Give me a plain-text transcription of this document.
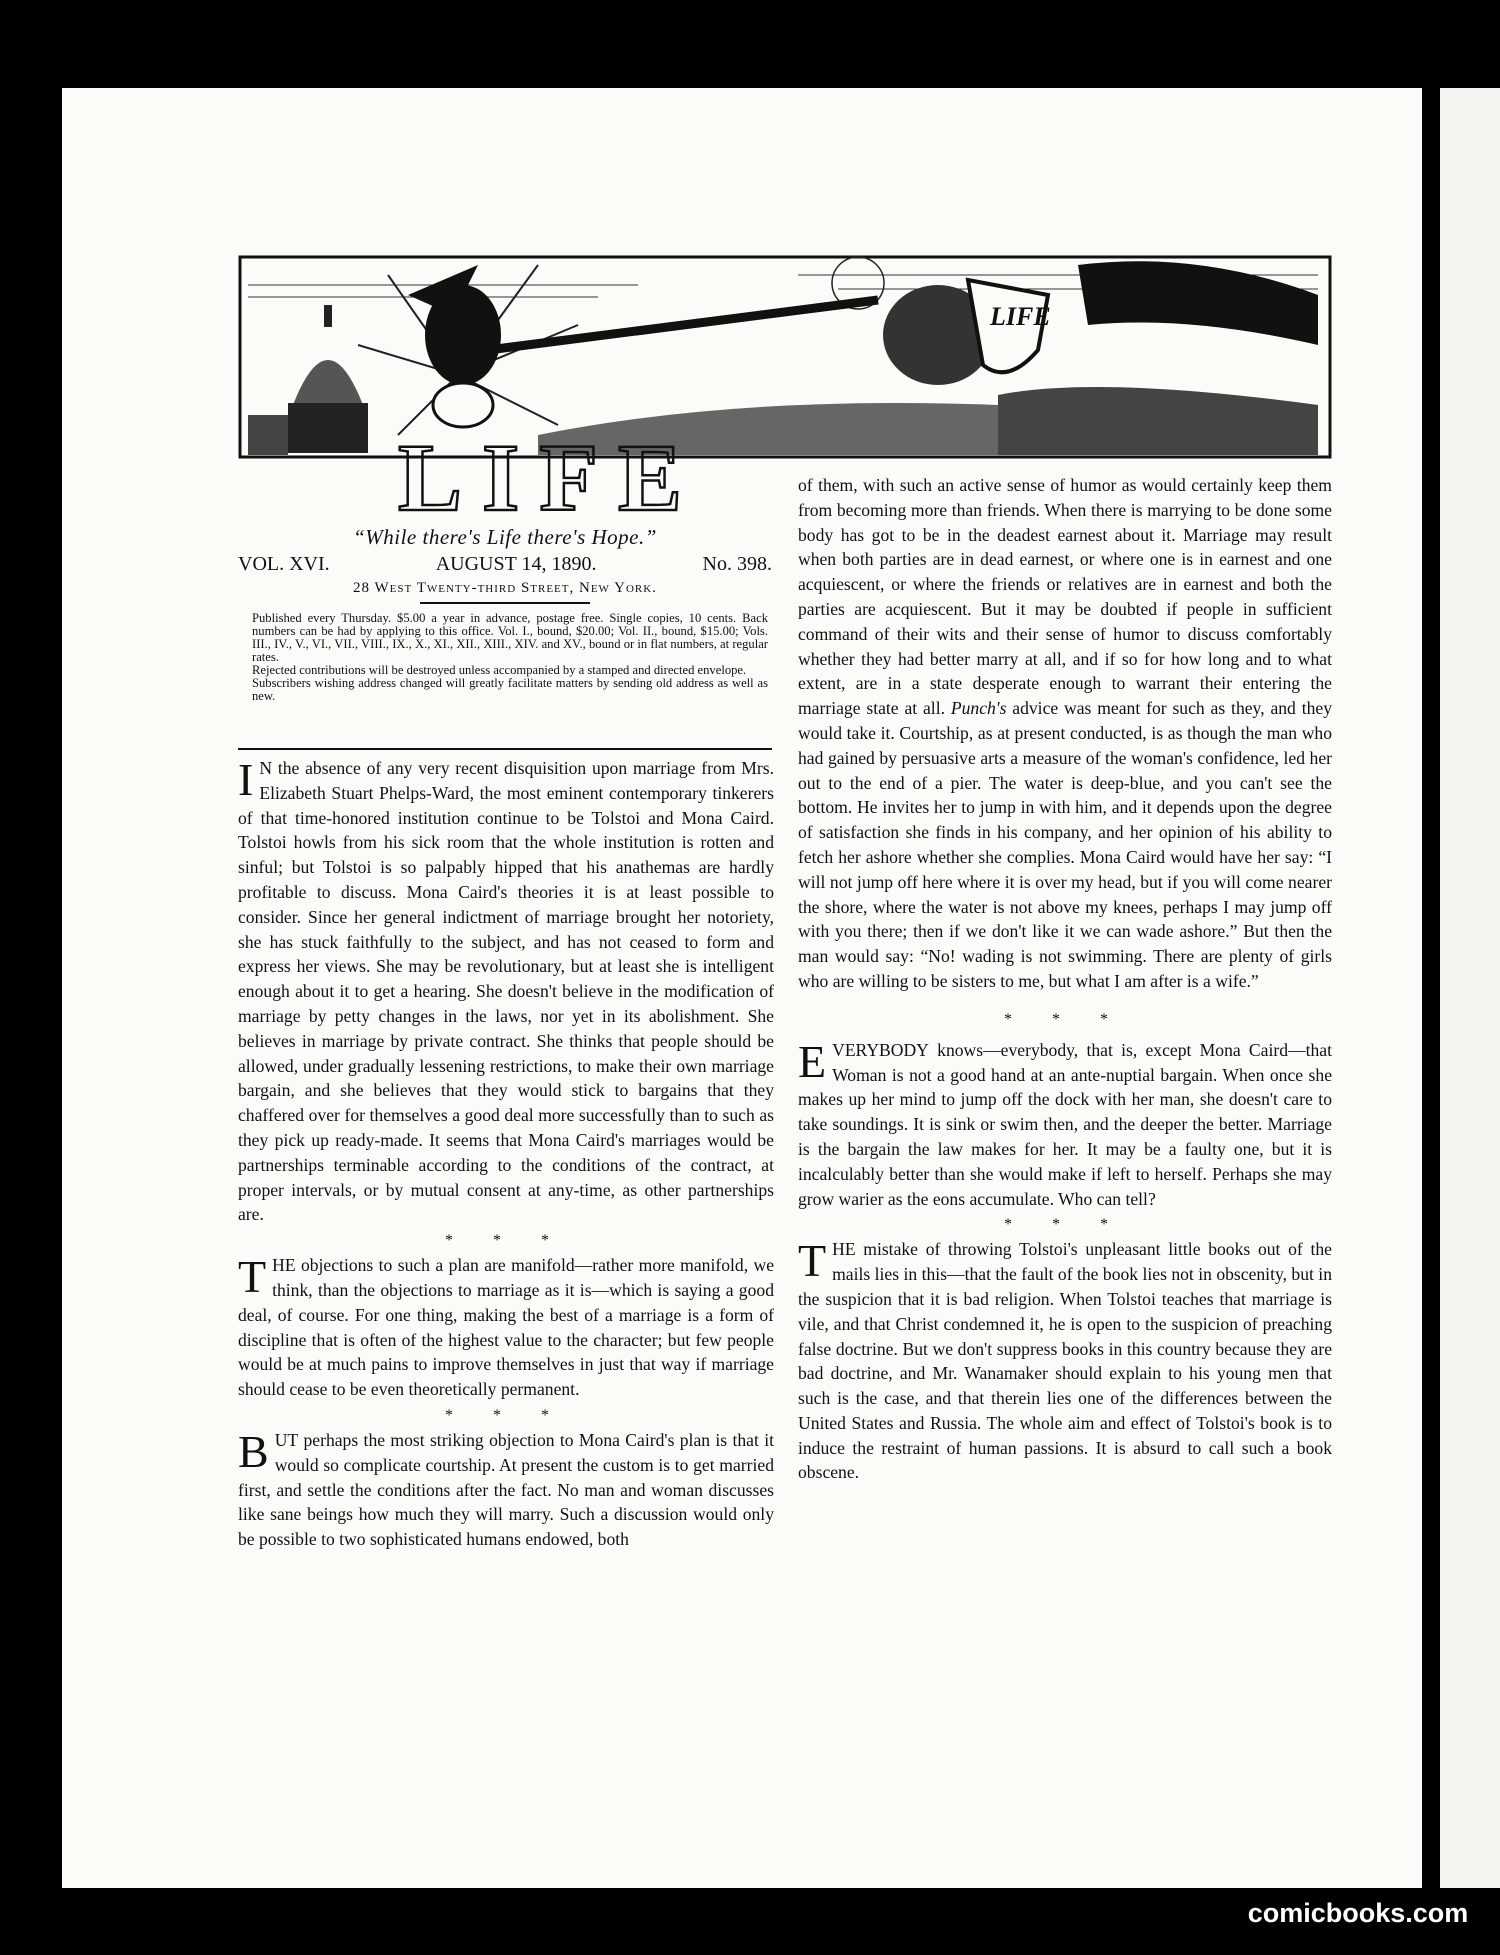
LIFE
LIFE
“While there's Life there's Hope.”
VOL. XVI.	AUGUST 14, 1890.	No. 398.
28 West Twenty-third Street, New York.

Published every Thursday. $5.00 a year in advance, postage free. Single copies, 10 cents. Back numbers can be had by applying to this office. Vol. I., bound, $20.00; Vol. II., bound, $15.00; Vols. III., IV., V., VI., VII., VIII., IX., X., XI., XII., XIII., XIV. and XV., bound or in flat numbers, at regular rates.

Rejected contributions will be destroyed unless accompanied by a stamped and directed envelope.

Subscribers wishing address changed will greatly facilitate matters by sending old address as well as new.

I N the absence of any very recent disquisition upon marriage from Mrs. Elizabeth Stuart Phelps-Ward, the most eminent contemporary tinkerers of that time-honored institution continue to be Tolstoi and Mona Caird. Tolstoi howls from his sick room that the whole institution is rotten and sinful; but Tolstoi is so palpably hipped that his anathemas are hardly profitable to discuss. Mona Caird's theories it is at least possible to consider. Since her general indictment of marriage brought her notoriety, she has stuck faithfully to the subject, and has not ceased to form and express her views. She may be revolutionary, but at least she is intelligent enough about it to get a hearing. She doesn't believe in the modification of marriage by petty changes in the laws, nor yet in its abolishment. She believes in marriage by private contract. She thinks that people should be allowed, under gradually lessening restrictions, to make their own marriage bargain, and she believes that they would stick to bargains that they chaffered over for themselves a good deal more successfully than to such as they pick up ready-made. It seems that Mona Caird's marriages would be partnerships terminable according to the conditions of the contract, at proper intervals, or by mutual consent at any-time, as other partnerships are.

* * *

THE objections to such a plan are manifold—rather more manifold, we think, than the objections to marriage as it is—which is saying a good deal, of course. For one thing, making the best of a marriage is a form of discipline that is often of the highest value to the character; but few people would be at much pains to improve themselves in just that way if marriage should cease to be even theoretically permanent.

* * *

BUT perhaps the most striking objection to Mona Caird's plan is that it would so complicate courtship. At present the custom is to get married first, and settle the conditions after the fact. No man and woman discusses like sane beings how much they will marry. Such a discussion would only be possible to two sophisticated humans endowed, both

of them, with such an active sense of humor as would certainly keep them from becoming more than friends. When there is marrying to be done some body has got to be in the deadest earnest about it. Marriage may result when both parties are in dead earnest, or where one is in earnest and one acquiescent, or where the friends or relatives are in earnest and both the parties are acquiescent. But it may be doubted if people in sufficient command of their wits and their sense of humor to discuss comfortably whether they had better marry at all, and if so for how long and to what extent, are in a state desperate enough to warrant their entering the marriage state at all. Punch's advice was meant for such as they, and they would take it. Courtship, as at present conducted, is as though the man who had gained by persuasive arts a measure of the woman's confidence, led her out to the end of a pier. The water is deep-blue, and you can't see the bottom. He invites her to jump in with him, and it depends upon the degree of satisfaction she finds in his company, and her opinion of his ability to fetch her ashore whether she complies. Mona Caird would have her say: “I will not jump off here where it is over my head, but if you will come nearer the shore, where the water is not above my knees, perhaps I may jump off with you there; then if we don't like it we can wade ashore.” But then the man would say: “No! wading is not swimming. There are plenty of girls who are willing to be sisters to me, but what I am after is a wife.”

* * *

EVERYBODY knows—everybody, that is, except Mona Caird—that Woman is not a good hand at an ante-nuptial bargain. When once she makes up her mind to jump off the dock with her man, she doesn't care to take soundings. It is sink or swim then, and the deeper the better. Marriage is the bargain the law makes for her. It may be a faulty one, but it is incalculably better than she would make if left to herself. Perhaps she may grow warier as the eons accumulate. Who can tell?

* * *

THE mistake of throwing Tolstoi's unpleasant little books out of the mails lies in this—that the fault of the book lies not in obscenity, but in the suspicion that it is bad religion. When Tolstoi teaches that marriage is vile, and that Christ condemned it, he is open to the suspicion of preaching false doctrine. But we don't suppress books in this country because they are bad doctrine, and Mr. Wanamaker should explain to his young men that such is the case, and that therein lies one of the differences between the United States and Russia. The whole aim and effect of Tolstoi's book is to induce the restraint of human passions. It is absurd to call such a book obscene.

comicbooks.com
